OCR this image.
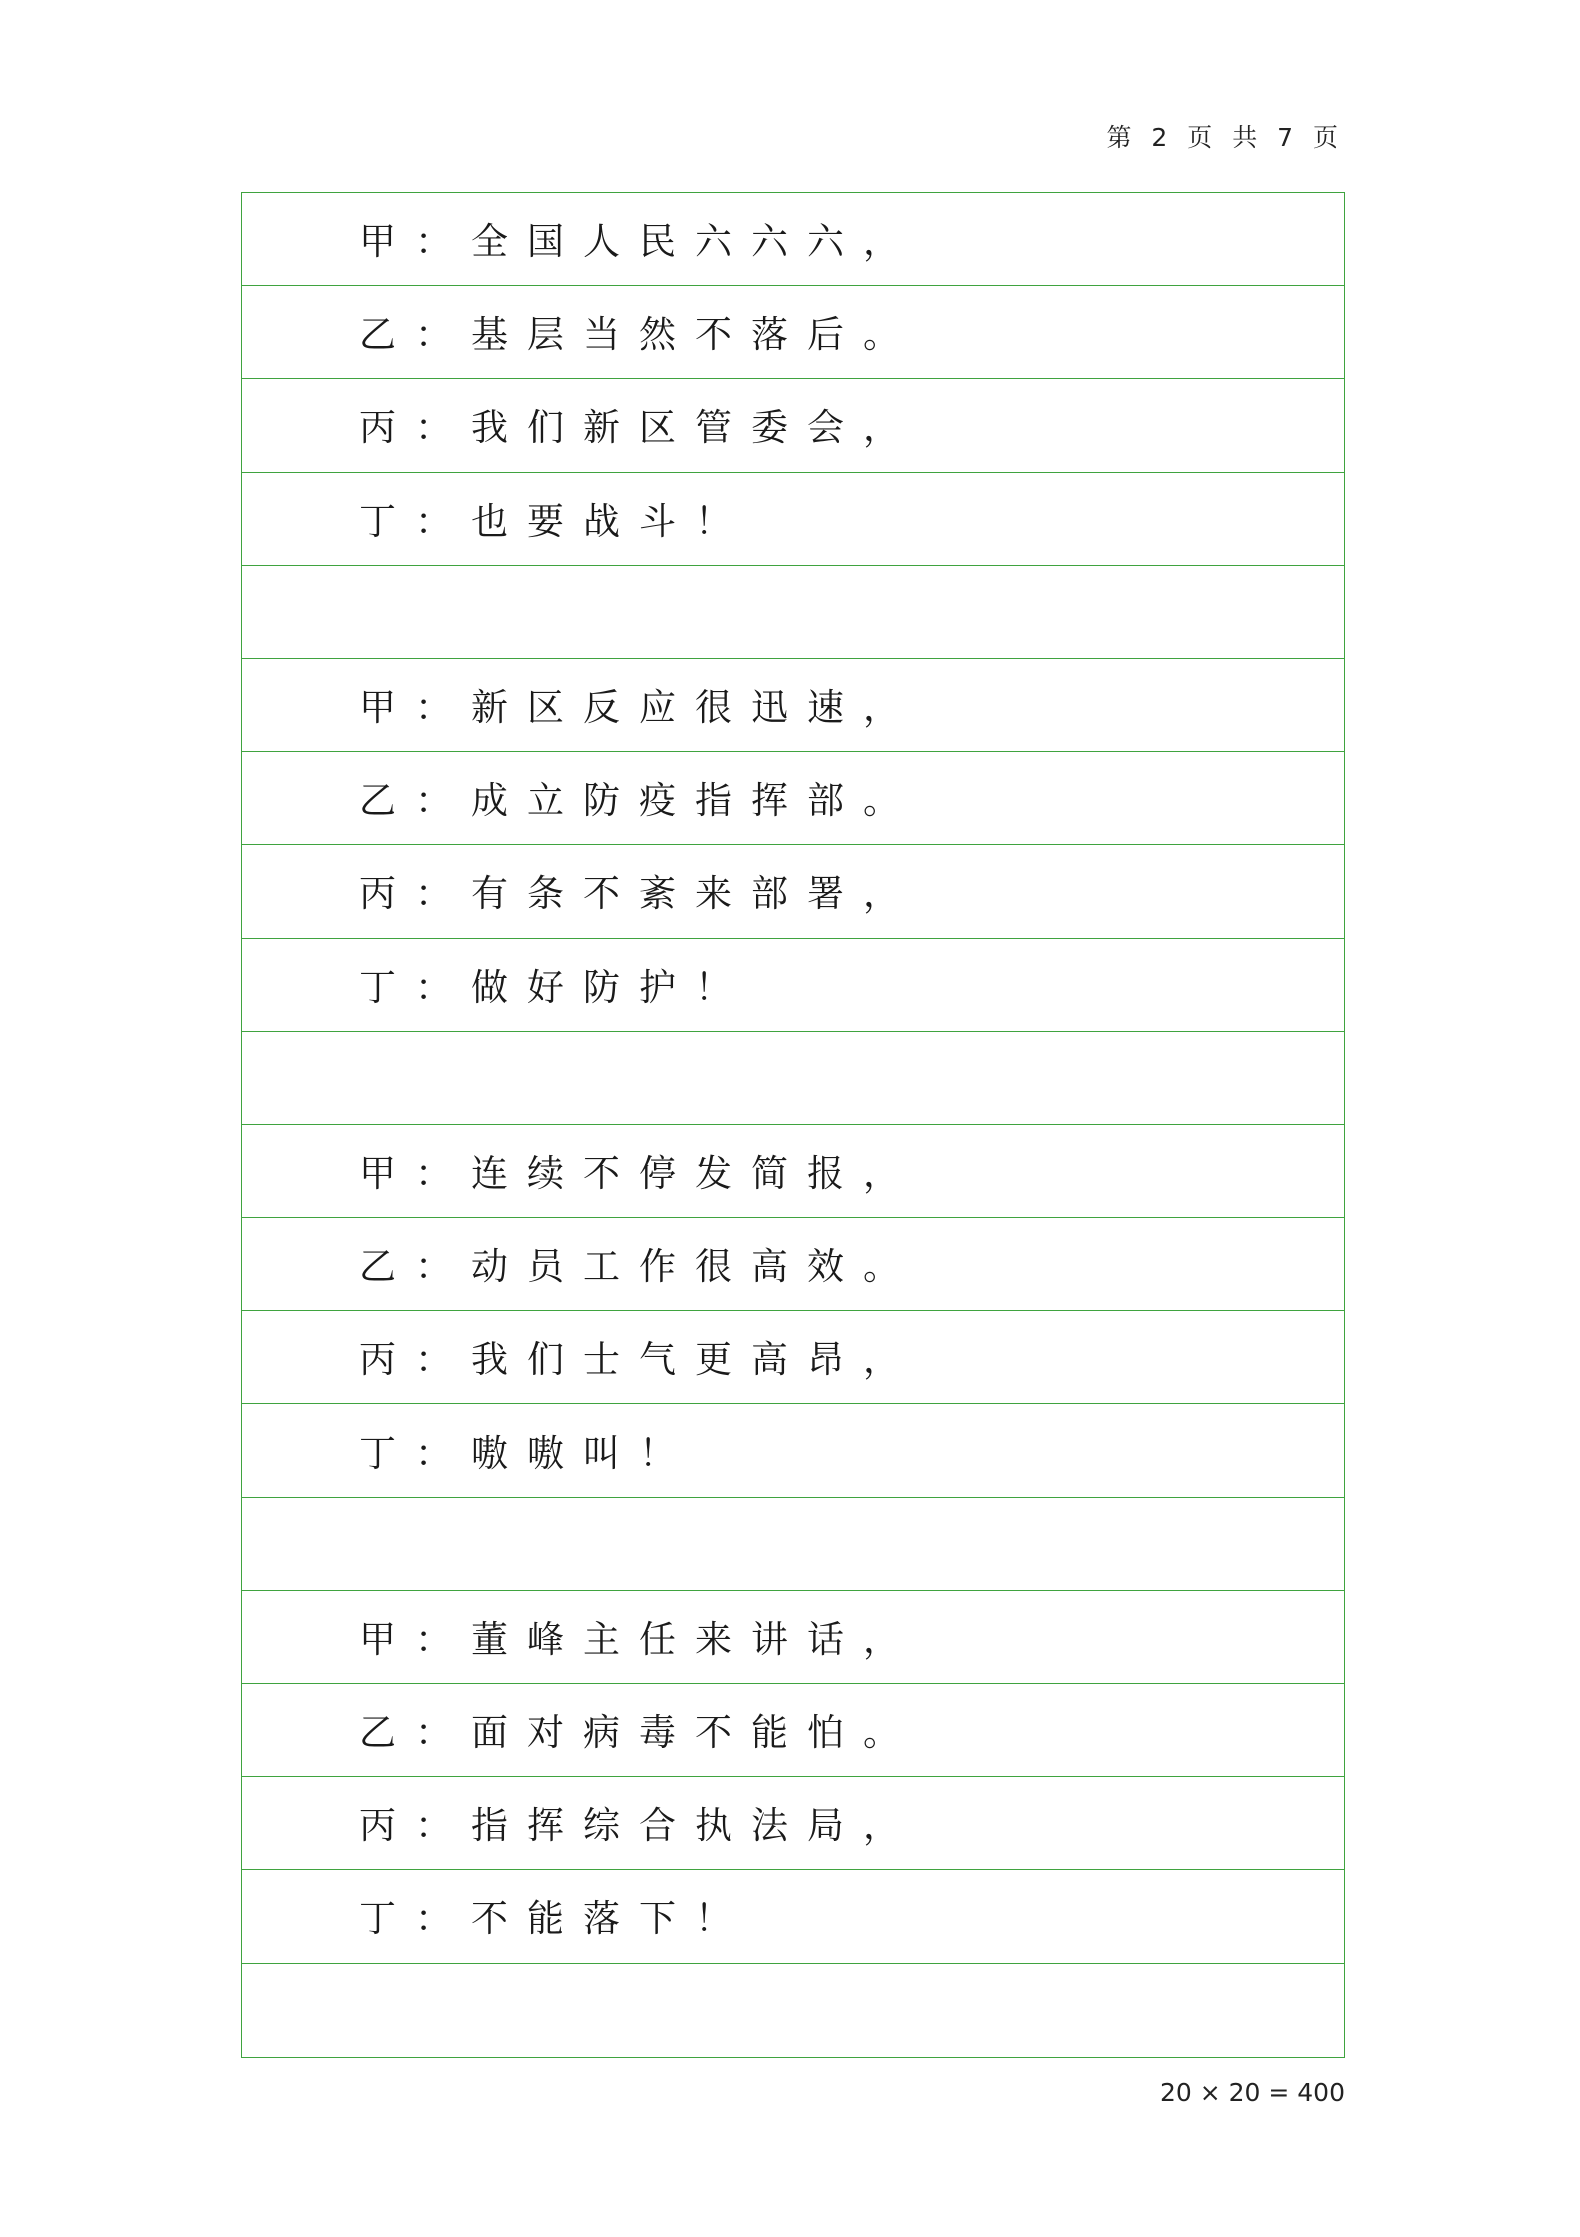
第 2 页 共 7 页
甲：全国人民六六六，
乙：基层当然不落后。
丙：我们新区管委会，
丁：也要战斗！
甲：新区反应很迅速，
乙：成立防疫指挥部。
丙：有条不紊来部署，
丁：做好防护！
甲：连续不停发简报，
乙：动员工作很高效。
丙：我们士气更高昂，
丁：嗷嗷叫！
甲：董峰主任来讲话，
乙：面对病毒不能怕。
丙：指挥综合执法局，
丁：不能落下！
20 × 20 = 400
